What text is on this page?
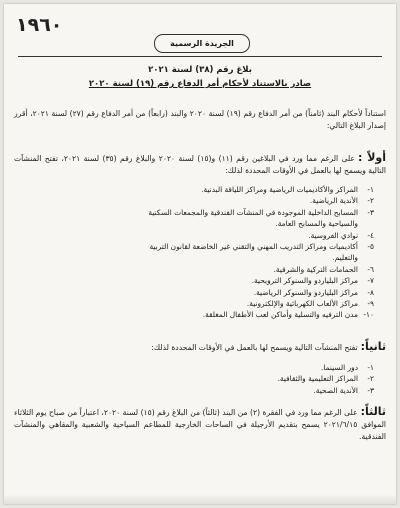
١٩٦٠
الجريدة الرسمية
بلاغ رقم (٣٨) لسنة ٢٠٢١
صادر بالاستناد لأحكام أمر الدفاع رقم (١٩) لسنة ٢٠٢٠

استناداً لأحكام البند (ثامناً) من أمر الدفاع رقم (١٩) لسنة ٢٠٢٠ والبند (رابعاً) من أمر الدفاع رقم (٢٧) لسنة ٢٠٢١، أقرر إصدار البلاغ التالي:

أولاً :على الرغم مما ورد في البلاغين رقم (١١) و(١٥) لسنة ٢٠٢٠ والبلاغ رقم (٣٥) لسنة ٢٠٢١، تفتح المنشآت التالية ويسمح لها بالعمل في الأوقات المحددة لذلك:

١-المراكز والأكاديميات الرياضية ومراكز اللياقة البدنية.
٢-الأندية الرياضية.
٣-المسابح الداخلية الموجودة في المنشآت الفندقية والمجمعات السكنية
والسياحية والمسابح العامة.
٤-نوادي الفروسية.
٥-أكاديميات ومراكز التدريب المهني والتقني غير الخاضعة لقانون التربية
والتعليم.
٦-الحمامات التركية والشرقية.
٧-مراكز البلياردو والسنوكر الترويحية.
٨-مراكز البلياردو والسنوكر الرياضية.
٩-مراكز الألعاب الكهربائية والإلكترونية.
١٠-مدن الترفيه والتسلية وأماكن لعب الأطفال المغلقة.

ثانياً:تفتح المنشآت التالية ويسمح لها بالعمل في الأوقات المحددة لذلك:

١-دور السينما.
٢-المراكز التعليمية والثقافية.
٣-الأندية الصحية.

ثالثاً:على الرغم مما ورد في الفقرة (٢) من البند (ثالثاً) من البلاغ رقم (١٥) لسنة ٢٠٢٠، اعتباراً من صباح يوم الثلاثاء الموافق ٢٠٢١/٦/١٥ يسمح بتقديم الأرجيلة في الساحات الخارجية للمطاعم السياحية والشعبية والمقاهي والمنشآت الفندقية.
